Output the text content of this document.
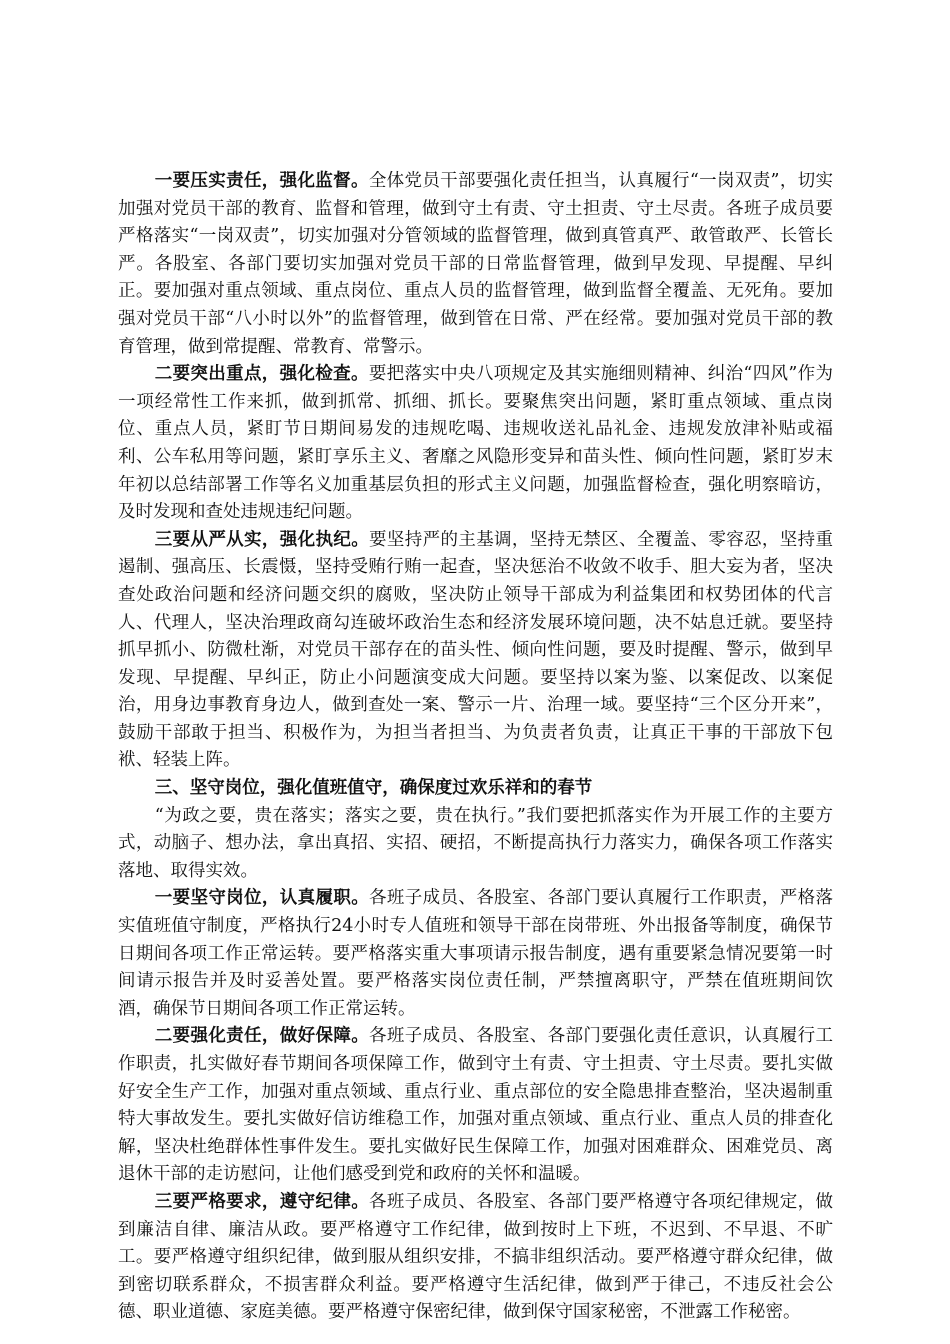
一要压实责任，强化监督。全体党员干部要强化责任担当，认真履行“一岗双责”，切实加强对党员干部的教育、监督和管理，做到守土有责、守土担责、守土尽责。各班子成员要严格落实“一岗双责”，切实加强对分管领域的监督管理，做到真管真严、敢管敢严、长管长严。各股室、各部门要切实加强对党员干部的日常监督管理，做到早发现、早提醒、早纠正。要加强对重点领域、重点岗位、重点人员的监督管理，做到监督全覆盖、无死角。要加强对党员干部“八小时以外”的监督管理，做到管在日常、严在经常。要加强对党员干部的教育管理，做到常提醒、常教育、常警示。

二要突出重点，强化检查。要把落实中央八项规定及其实施细则精神、纠治“四风”作为一项经常性工作来抓，做到抓常、抓细、抓长。要聚焦突出问题，紧盯重点领域、重点岗位、重点人员，紧盯节日期间易发的违规吃喝、违规收送礼品礼金、违规发放津补贴或福利、公车私用等问题，紧盯享乐主义、奢靡之风隐形变异和苗头性、倾向性问题，紧盯岁末年初以总结部署工作等名义加重基层负担的形式主义问题，加强监督检查，强化明察暗访，及时发现和查处违规违纪问题。

三要从严从实，强化执纪。要坚持严的主基调，坚持无禁区、全覆盖、零容忍，坚持重遏制、强高压、长震慑，坚持受贿行贿一起查，坚决惩治不收敛不收手、胆大妄为者，坚决查处政治问题和经济问题交织的腐败，坚决防止领导干部成为利益集团和权势团体的代言人、代理人，坚决治理政商勾连破坏政治生态和经济发展环境问题，决不姑息迁就。要坚持抓早抓小、防微杜渐，对党员干部存在的苗头性、倾向性问题，要及时提醒、警示，做到早发现、早提醒、早纠正，防止小问题演变成大问题。要坚持以案为鉴、以案促改、以案促治，用身边事教育身边人，做到查处一案、警示一片、治理一域。要坚持“三个区分开来”，鼓励干部敢于担当、积极作为，为担当者担当、为负责者负责，让真正干事的干部放下包袱、轻装上阵。

三、坚守岗位，强化值班值守，确保度过欢乐祥和的春节

“为政之要，贵在落实；落实之要，贵在执行。”我们要把抓落实作为开展工作的主要方式，动脑子、想办法，拿出真招、实招、硬招，不断提高执行力落实力，确保各项工作落实落地、取得实效。

一要坚守岗位，认真履职。各班子成员、各股室、各部门要认真履行工作职责，严格落实值班值守制度，严格执行24小时专人值班和领导干部在岗带班、外出报备等制度，确保节日期间各项工作正常运转。要严格落实重大事项请示报告制度，遇有重要紧急情况要第一时间请示报告并及时妥善处置。要严格落实岗位责任制，严禁擅离职守，严禁在值班期间饮酒，确保节日期间各项工作正常运转。

二要强化责任，做好保障。各班子成员、各股室、各部门要强化责任意识，认真履行工作职责，扎实做好春节期间各项保障工作，做到守土有责、守土担责、守土尽责。要扎实做好安全生产工作，加强对重点领域、重点行业、重点部位的安全隐患排查整治，坚决遏制重特大事故发生。要扎实做好信访维稳工作，加强对重点领域、重点行业、重点人员的排查化解，坚决杜绝群体性事件发生。要扎实做好民生保障工作，加强对困难群众、困难党员、离退休干部的走访慰问，让他们感受到党和政府的关怀和温暖。

三要严格要求，遵守纪律。各班子成员、各股室、各部门要严格遵守各项纪律规定，做到廉洁自律、廉洁从政。要严格遵守工作纪律，做到按时上下班，不迟到、不早退、不旷工。要严格遵守组织纪律，做到服从组织安排，不搞非组织活动。要严格遵守群众纪律，做到密切联系群众，不损害群众利益。要严格遵守生活纪律，做到严于律己，不违反社会公德、职业道德、家庭美德。要严格遵守保密纪律，做到保守国家秘密，不泄露工作秘密。
